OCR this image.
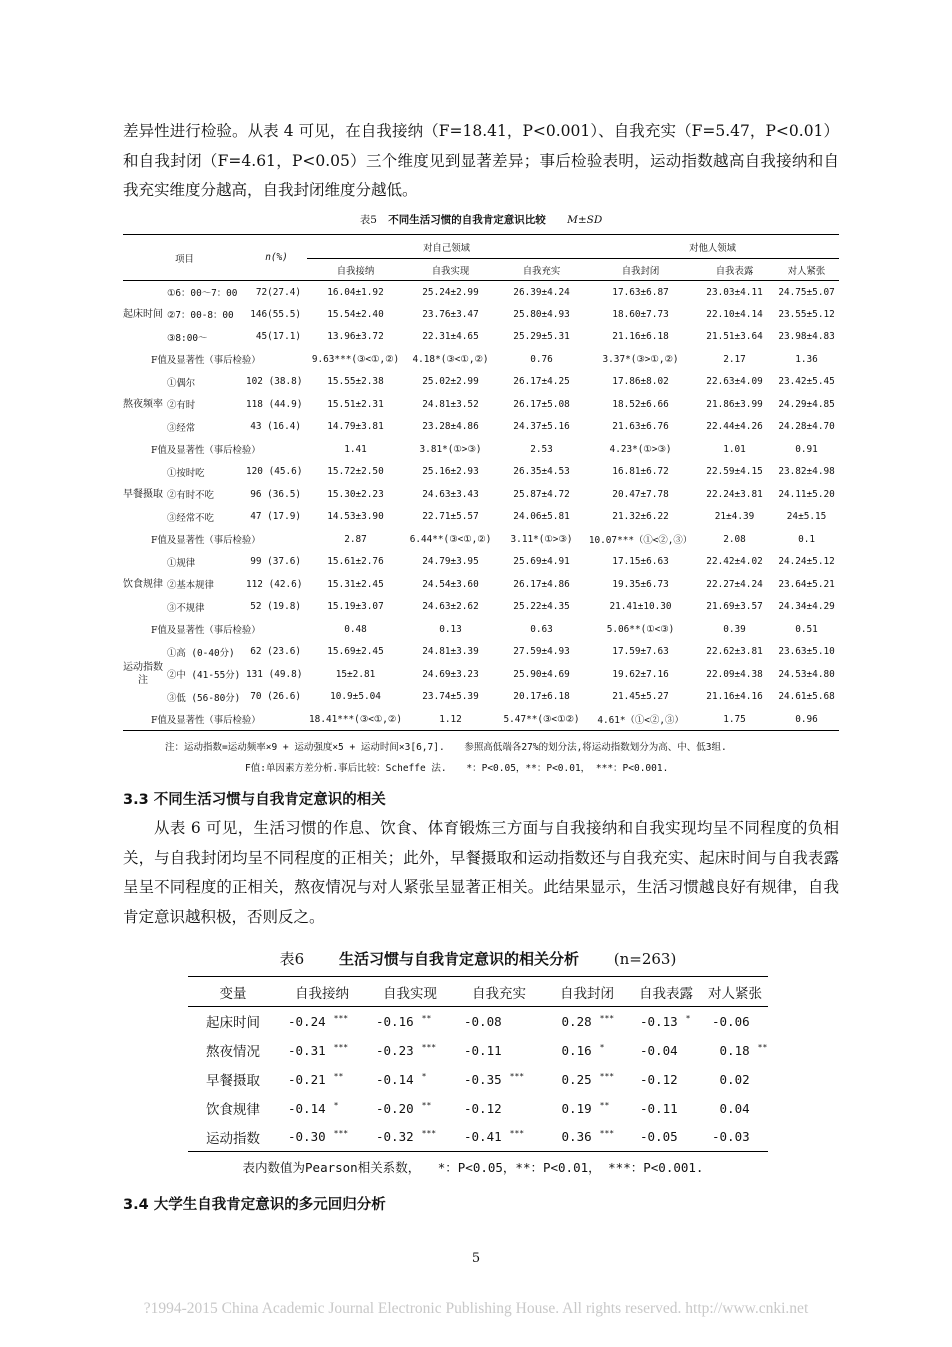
差异性进行检验。从表 4 可见，在自我接纳（F=18.41，P<0.001）、自我充实（F=5.47，P<0.01）和自我封闭（F=4.61，P<0.05）三个维度见到显著差异；事后检验表明，运动指数越高自我接纳和自我充实维度分越高，自我封闭维度分越低。

表5 不同生活习惯的自我肯定意识比较 M±SD
项目		n(%)	对自己领域			对他人领域		
			自我接纳	自我实现	自我充实	自我封闭	自我表露	对人紧张
起床时间	①6：00～7：00	72(27.4)	16.04±1.92	25.24±2.99	26.39±4.24	17.63±6.87	23.03±4.11	24.75±5.07
	②7：00-8：00	146(55.5)	15.54±2.40	23.76±3.47	25.80±4.93	18.60±7.73	22.10±4.14	23.55±5.12
	③8:00～	45(17.1)	13.96±3.72	22.31±4.65	25.29±5.31	21.16±6.18	21.51±3.64	23.98±4.83
F值及显著性（事后检验）			9.63***(③<①,②)	4.18*(③<①,②)	0.76	3.37*(③>①,②)	2.17	1.36
熬夜频率	①偶尔	102 (38.8)	15.55±2.38	25.02±2.99	26.17±4.25	17.86±8.02	22.63±4.09	23.42±5.45
	②有时	118 (44.9)	15.51±2.31	24.81±3.52	26.17±5.08	18.52±6.66	21.86±3.99	24.29±4.85
	③经常	43 (16.4)	14.79±3.81	23.28±4.86	24.37±5.16	21.63±6.76	22.44±4.26	24.28±4.70
F值及显著性（事后检验）			1.41	3.81*(①>③)	2.53	4.23*(①>③)	1.01	0.91
早餐摄取	①按时吃	120 (45.6)	15.72±2.50	25.16±2.93	26.35±4.53	16.81±6.72	22.59±4.15	23.82±4.98
	②有时不吃	96 (36.5)	15.30±2.23	24.63±3.43	25.87±4.72	20.47±7.78	22.24±3.81	24.11±5.20
	③经常不吃	47 (17.9)	14.53±3.90	22.71±5.57	24.06±5.81	21.32±6.22	21±4.39	24±5.15
F值及显著性（事后检验）			2.87	6.44**(③<①,②)	3.11*(①>③)	10.07***（①<②,③）	2.08	0.1
饮食规律	①规律	99 (37.6)	15.61±2.76	24.79±3.95	25.69±4.91	17.15±6.63	22.42±4.02	24.24±5.12
	②基本规律	112 (42.6)	15.31±2.45	24.54±3.60	26.17±4.86	19.35±6.73	22.27±4.24	23.64±5.21
	③不规律	52 (19.8)	15.19±3.07	24.63±2.62	25.22±4.35	21.41±10.30	21.69±3.57	24.34±4.29
F值及显著性（事后检验）			0.48	0.13	0.63	5.06**(①<③)	0.39	0.51
运动指数注	①高 (0-40分)	62 (23.6)	15.69±2.45	24.81±3.39	27.59±4.93	17.59±7.63	22.62±3.81	23.63±5.10
	②中 (41-55分)	131 (49.8)	15±2.81	24.69±3.23	25.90±4.69	19.62±7.16	22.09±4.38	24.53±4.80
	③低 (56-80分)	70 (26.6)	10.9±5.04	23.74±5.39	20.17±6.18	21.45±5.27	21.16±4.16	24.61±5.68
F值及显著性（事后检验）			18.41***(③<①,②)	1.12	5.47**(③<①②)	4.61*（①<②,③）	1.75	0.96
注：运动指数=运动频率×9 + 运动强度×5 + 运动时间×3[6,7]. 参照高低端各27%的划分法,将运动指数划分为高、中、低3组.
F值:单因素方差分析.事后比较：Scheffe 法. *：P<0.05，**：P<0.01， ***：P<0.001.
3.3 不同生活习惯与自我肯定意识的相关

从表 6 可见，生活习惯的作息、饮食、体育锻炼三方面与自我接纳和自我实现均呈不同程度的负相关，与自我封闭均呈不同程度的正相关；此外，早餐摄取和运动指数还与自我充实、起床时间与自我表露呈呈不同程度的正相关，熬夜情况与对人紧张呈显著正相关。此结果显示，生活习惯越良好有规律，自我肯定意识越积极，否则反之。

表6 生活习惯与自我肯定意识的相关分析 (n=263)
变量	自我接纳	自我实现	自我充实	自我封闭	自我表露	对人紧张
起床时间	-0.24 ***	-0.16 **	-0.08	0.28 ***	-0.13 *	-0.06
熬夜情况	-0.31 ***	-0.23 ***	-0.11	0.16 *	-0.04	0.18 **
早餐摄取	-0.21 **	-0.14 *	-0.35 ***	0.25 ***	-0.12	0.02
饮食规律	-0.14 *	-0.20 **	-0.12	0.19 **	-0.11	0.04
运动指数	-0.30 ***	-0.32 ***	-0.41 ***	0.36 ***	-0.05	-0.03
表内数值为Pearson相关系数， *：P<0.05，**：P<0.01， ***：P<0.001.
3.4 大学生自我肯定意识的多元回归分析
5
?1994-2015 China Academic Journal Electronic Publishing House. All rights reserved. http://www.cnki.net
